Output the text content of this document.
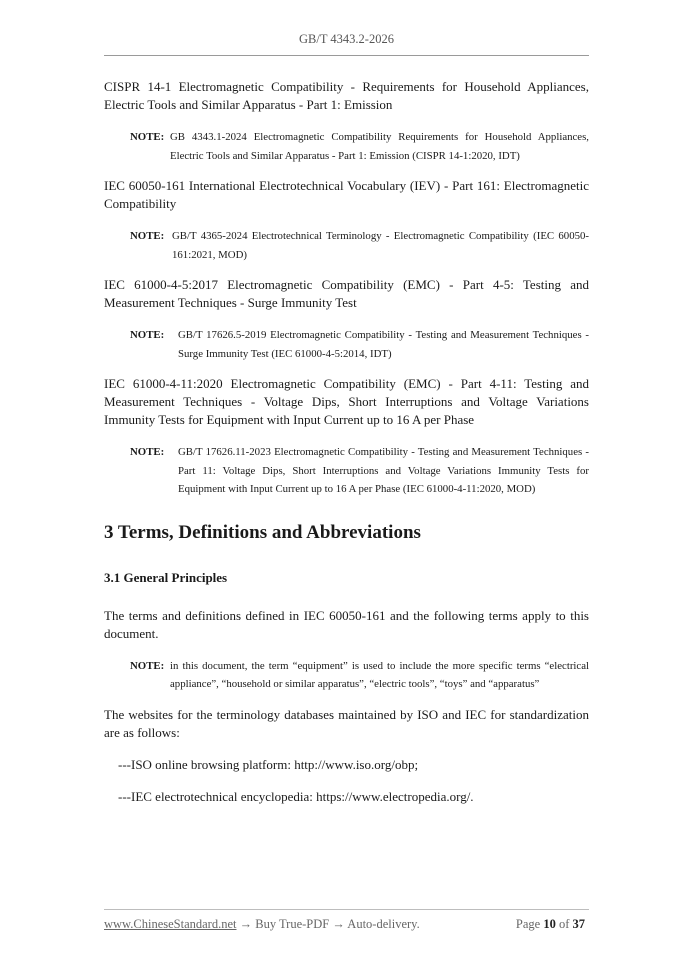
GB/T 4343.2-2026

CISPR 14-1 Electromagnetic Compatibility - Requirements for Household Appliances, Electric Tools and Similar Apparatus - Part 1: Emission

NOTE: GB 4343.1-2024 Electromagnetic Compatibility Requirements for Household Appliances, Electric Tools and Similar Apparatus - Part 1: Emission (CISPR 14-1:2020, IDT)

IEC 60050-161 International Electrotechnical Vocabulary (IEV) - Part 161: Electromagnetic Compatibility

NOTE: GB/T 4365-2024 Electrotechnical Terminology - Electromagnetic Compatibility (IEC 60050-161:2021, MOD)

IEC 61000-4-5:2017 Electromagnetic Compatibility (EMC) - Part 4-5: Testing and Measurement Techniques - Surge Immunity Test

NOTE:	GB/T 17626.5-2019 Electromagnetic Compatibility - Testing and Measurement Techniques - Surge Immunity Test (IEC 61000-4-5:2014, IDT)

IEC 61000-4-11:2020 Electromagnetic Compatibility (EMC) - Part 4-11: Testing and Measurement Techniques - Voltage Dips, Short Interruptions and Voltage Variations Immunity Tests for Equipment with Input Current up to 16 A per Phase

NOTE:	GB/T 17626.11-2023 Electromagnetic Compatibility - Testing and Measurement Techniques - Part 11: Voltage Dips, Short Interruptions and Voltage Variations Immunity Tests for Equipment with Input Current up to 16 A per Phase (IEC 61000-4-11:2020, MOD)
3 Terms, Definitions and Abbreviations
3.1 General Principles

The terms and definitions defined in IEC 60050-161 and the following terms apply to this document.

NOTE: in this document, the term “equipment” is used to include the more specific terms “electrical appliance”, “household or similar apparatus”, “electric tools”, “toys” and “apparatus”

The websites for the terminology databases maintained by ISO and IEC for standardization are as follows:

---ISO online browsing platform: http://www.iso.org/obp;
---IEC electrotechnical encyclopedia: https://www.electropedia.org/.
www.ChineseStandard.net → Buy True-PDF → Auto-delivery.	Page 10 of 37
